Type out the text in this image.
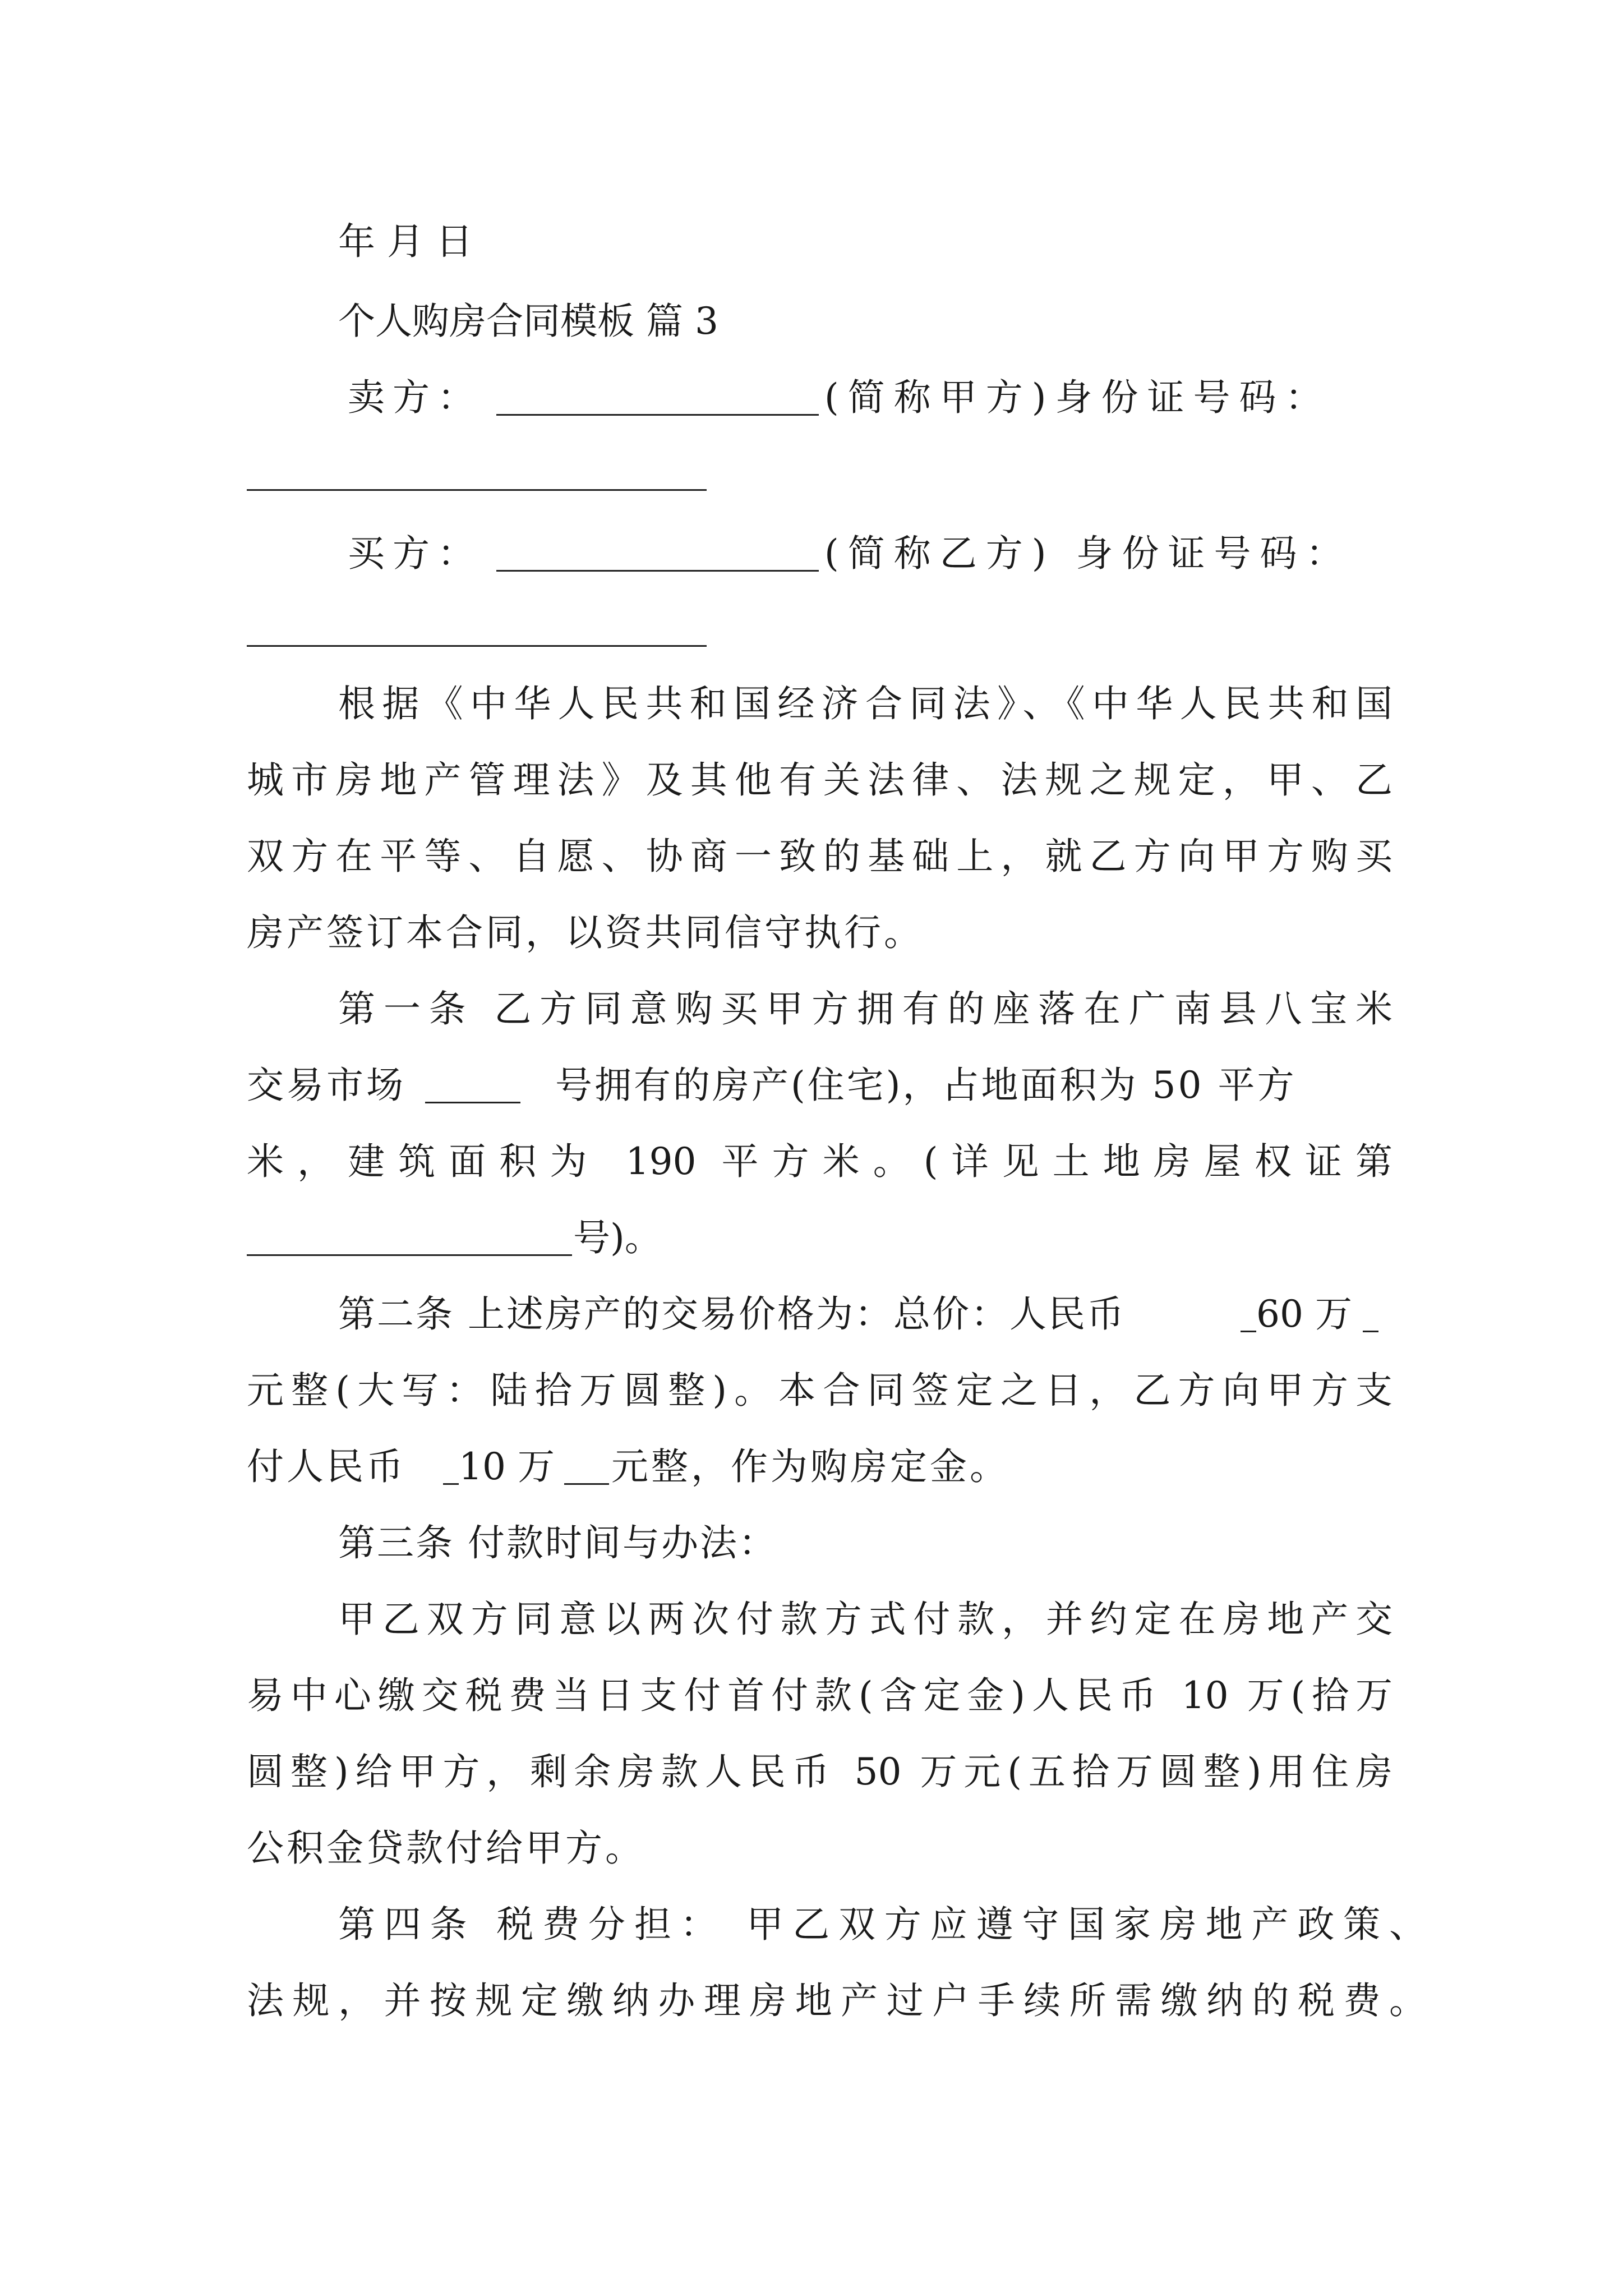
年 月 日
个人购房合同模板 篇 3
卖方：	(简称甲方)身份证号码：
买方：	(简称乙方) 身份证号码：
根据《中华人民共和国经济合同法》、《中华人民共和国
城市房地产管理法》及其他有关法律、法规之规定，甲、乙
双方在平等、自愿、协商一致的基础上，就乙方向甲方购买
房产签订本合同，以资共同信守执行。
第一条 乙方同意购买甲方拥有的座落在广南县八宝米
交易市场	号拥有的房产(住宅)，占地面积为 50 平方
米，建筑面积为 190 平方米。(详见土地房屋权证第
号)。
第二条 上述房产的交易价格为：总价：人民币	60 万
元整(大写：陆拾万圆整)。本合同签定之日，乙方向甲方支
付人民币 10 万 元整，作为购房定金。
第三条 付款时间与办法：
甲乙双方同意以两次付款方式付款，并约定在房地产交
易中心缴交税费当日支付首付款(含定金)人民币 10 万(拾万
圆整)给甲方，剩余房款人民币 50 万元(五拾万圆整)用住房
公积金贷款付给甲方。
第四条 税费分担： 甲乙双方应遵守国家房地产政策、
法规，并按规定缴纳办理房地产过户手续所需缴纳的税费。
